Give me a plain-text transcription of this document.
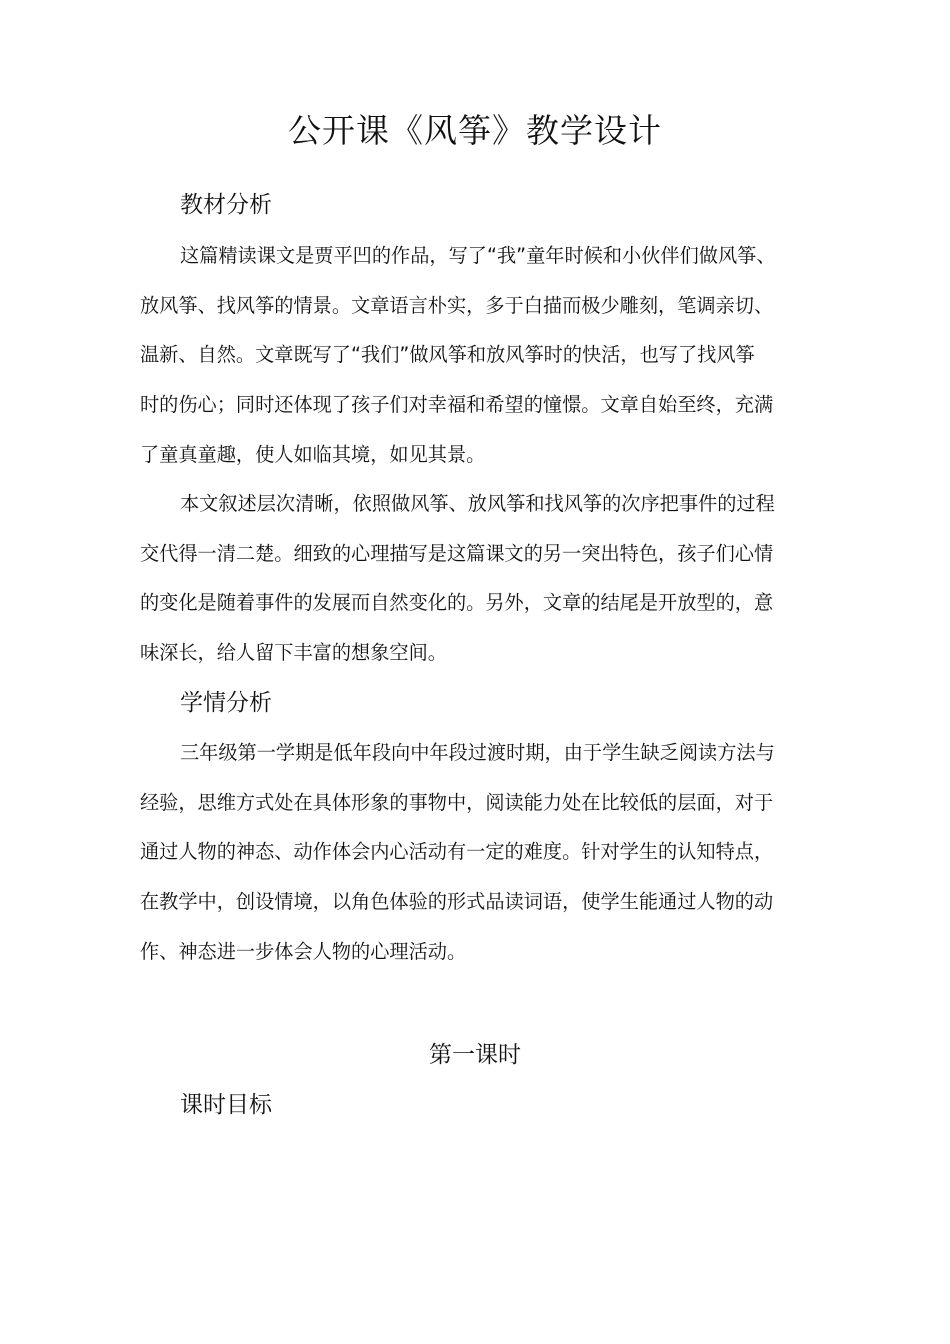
公开课《风筝》教学设计
教材分析
这篇精读课文是贾平凹的作品，写了“我”童年时候和小伙伴们做风筝、
放风筝、找风筝的情景。文章语言朴实，多于白描而极少雕刻，笔调亲切、
温新、自然。文章既写了“我们”做风筝和放风筝时的快活，也写了找风筝
时的伤心；同时还体现了孩子们对幸福和希望的憧憬。文章自始至终，充满
了童真童趣，使人如临其境，如见其景。
本文叙述层次清晰，依照做风筝、放风筝和找风筝的次序把事件的过程
交代得一清二楚。细致的心理描写是这篇课文的另一突出特色，孩子们心情
的变化是随着事件的发展而自然变化的。另外，文章的结尾是开放型的，意
味深长，给人留下丰富的想象空间。
学情分析
三年级第一学期是低年段向中年段过渡时期，由于学生缺乏阅读方法与
经验，思维方式处在具体形象的事物中，阅读能力处在比较低的层面，对于
通过人物的神态、动作体会内心活动有一定的难度。针对学生的认知特点，
在教学中，创设情境，以角色体验的形式品读词语，使学生能通过人物的动
作、神态进一步体会人物的心理活动。
第一课时
课时目标
